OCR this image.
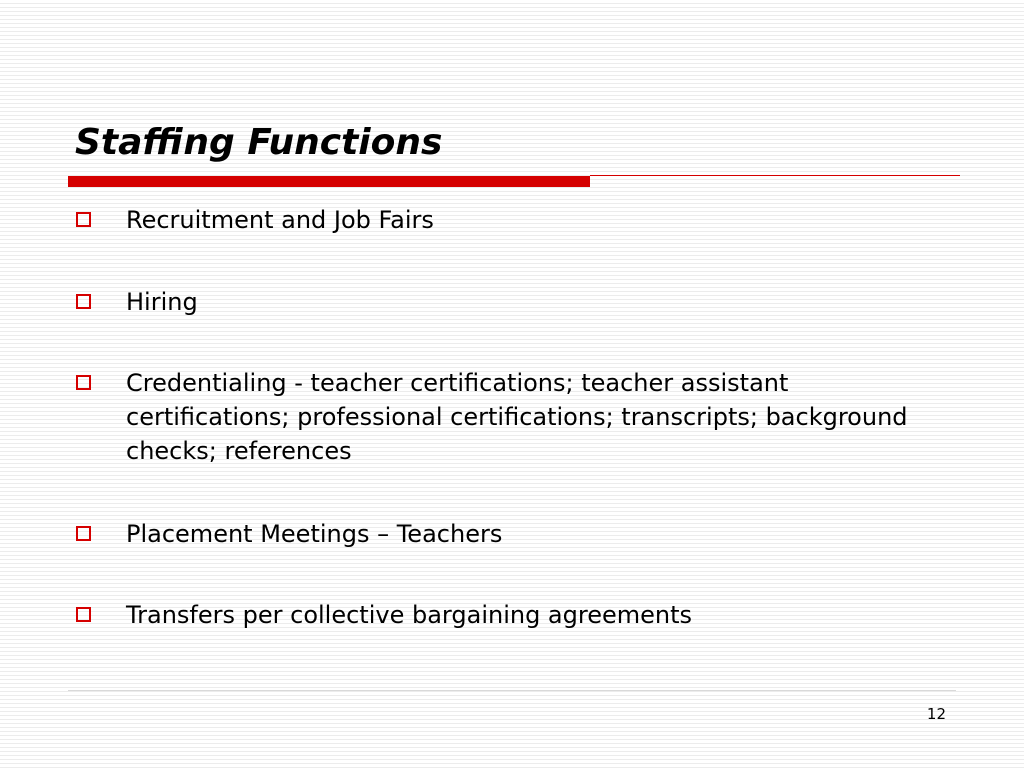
Staffing Functions
Recruitment and Job Fairs
Hiring
Credentialing - teacher certifications; teacher assistant certifications; professional certifications; transcripts; background checks; references
Placement Meetings – Teachers
Transfers per collective bargaining agreements
12
